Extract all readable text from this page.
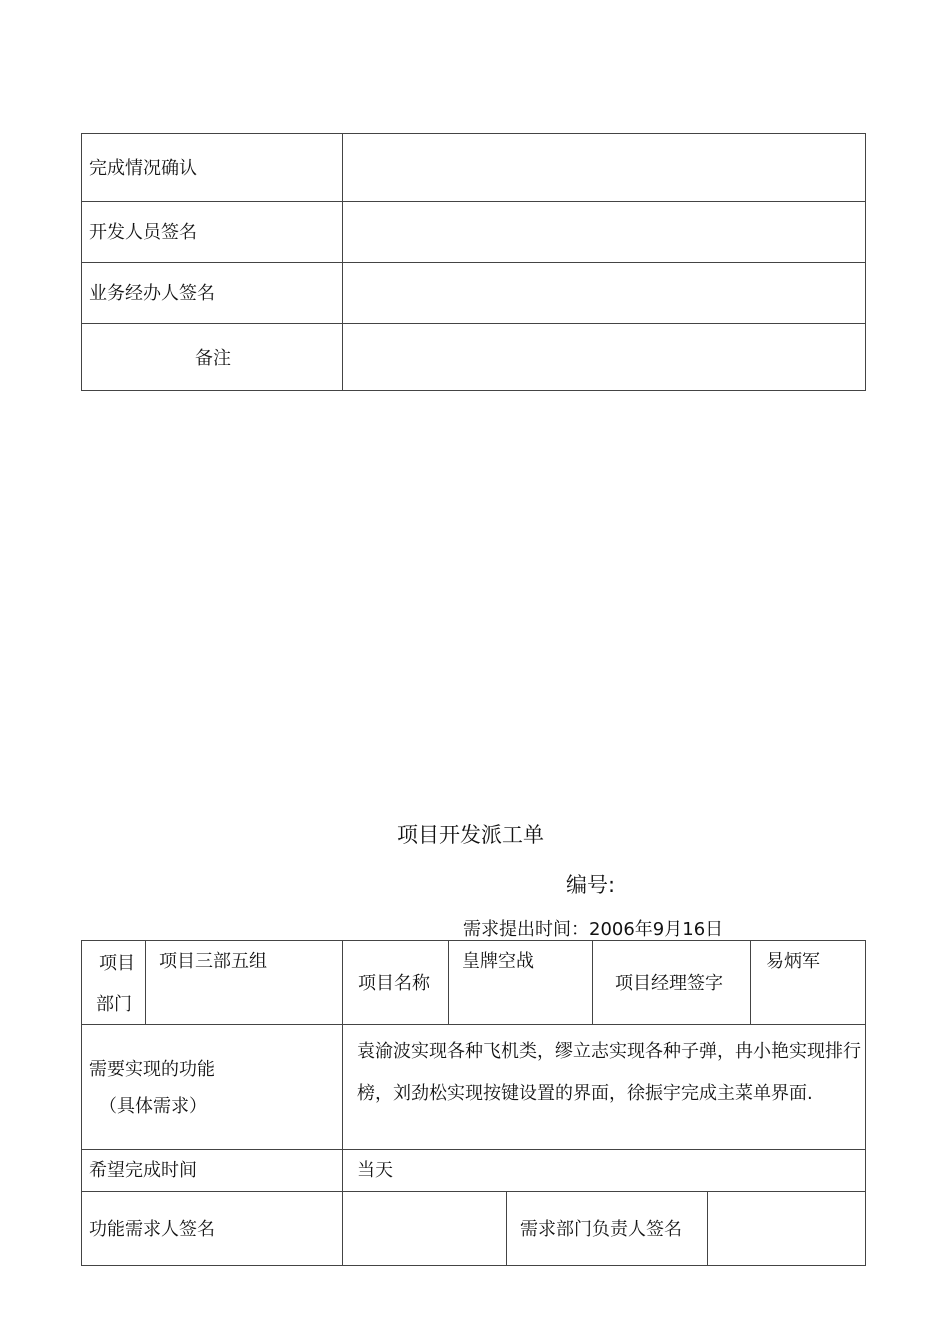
完成情况确认
开发人员签名
业务经办人签名
备注
项目开发派工单
编号:
需求提出时间：2006年9月16日
项目
部门
项目三部五组
项目名称
皇牌空战
项目经理签字
易炳军
需要实现的功能
（具体需求）
袁渝波实现各种飞机类，缪立志实现各种子弹，冉小艳实现排行榜，刘劲松实现按键设置的界面，徐振宇完成主菜单界面.
希望完成时间	当天
功能需求人签名	需求部门负责人签名
